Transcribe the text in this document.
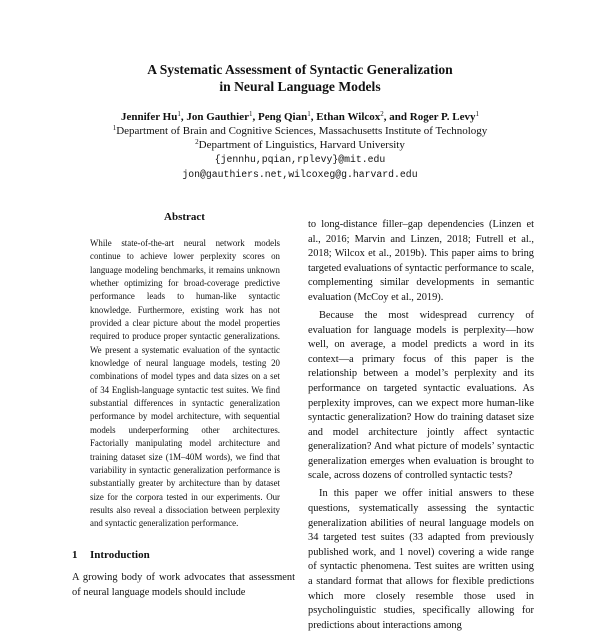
A Systematic Assessment of Syntactic Generalization
in Neural Language Models
Jennifer Hu$^1$, Jon Gauthier$^1$, Peng Qian$^1$, Ethan Wilcox$^2$, and Roger P. Levy$^1$
$^1$Department of Brain and Cognitive Sciences, Massachusetts Institute of Technology
$^2$Department of Linguistics, Harvard University
{jennhu,pqian,rplevy}@mit.edu
jon@gauthiers.net,wilcoxeg@g.harvard.edu
Abstract
While state-of-the-art neural network models continue to achieve lower perplexity scores on language modeling benchmarks, it remains unknown whether optimizing for broad-coverage predictive performance leads to human-like syntactic knowledge. Furthermore, existing work has not provided a clear picture about the model properties required to produce proper syntactic generalizations. We present a systematic evaluation of the syntactic knowledge of neural language models, testing 20 combinations of model types and data sizes on a set of 34 English-language syntactic test suites. We find substantial differences in syntactic generalization performance by model architecture, with sequential models underperforming other architectures. Factorially manipulating model architecture and training dataset size (1M–40M words), we find that variability in syntactic generalization performance is substantially greater by architecture than by dataset size for the corpora tested in our experiments. Our results also reveal a dissociation between perplexity and syntactic generalization performance.
1 Introduction
A growing body of work advocates that assessment of neural language models should include

to long-distance filler–gap dependencies (Linzen et al., 2016; Marvin and Linzen, 2018; Futrell et al., 2018; Wilcox et al., 2019b). This paper aims to bring targeted evaluations of syntactic performance to scale, complementing similar developments in semantic evaluation (McCoy et al., 2019).

Because the most widespread currency of evaluation for language models is perplexity—how well, on average, a model predicts a word in its context—a primary focus of this paper is the relationship between a model’s perplexity and its performance on targeted syntactic evaluations. As perplexity improves, can we expect more human-like syntactic generalization? How do training dataset size and model architecture jointly affect syntactic generalization? And what picture of models’ syntactic generalization emerges when evaluation is brought to scale, across dozens of controlled syntactic tests?

In this paper we offer initial answers to these questions, systematically assessing the syntactic generalization abilities of neural language models on 34 targeted test suites (33 adapted from previously published work, and 1 novel) covering a wide range of syntactic phenomena. Test suites are written using a standard format that allows for flexible predictions which more closely resemble those used in psycholinguistic studies, specifically allowing for predictions about interactions among
